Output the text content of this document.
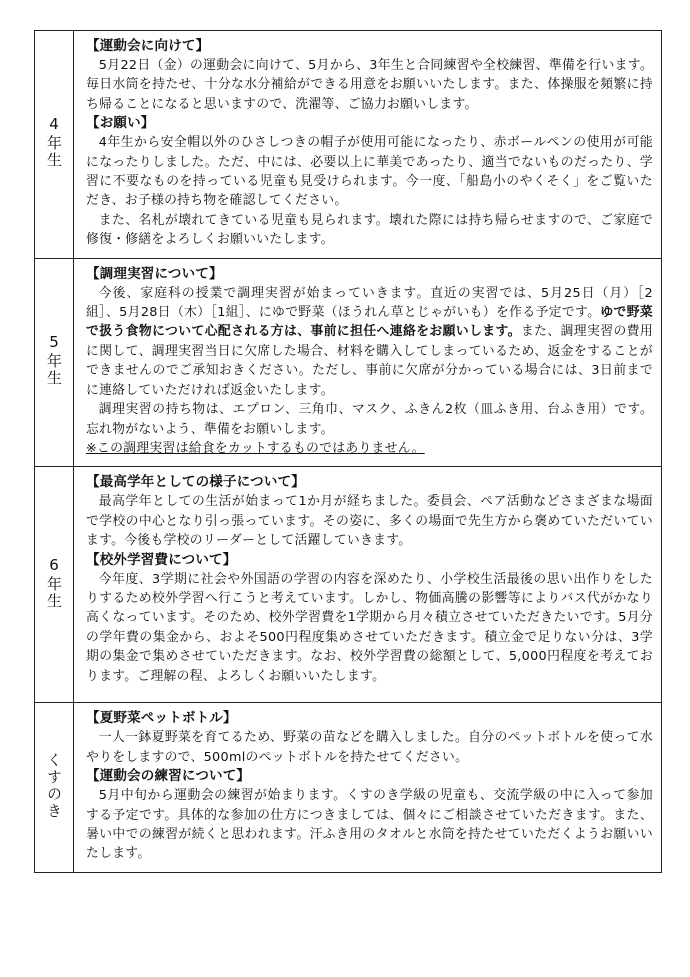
4年生	【運動会に向けて】

5月22日（金）の運動会に向けて、5月から、3年生と合同練習や全校練習、準備を行います。毎日水筒を持たせ、十分な水分補給ができる用意をお願いいたします。また、体操服を頻繁に持ち帰ることになると思いますので、洗濯等、ご協力お願いします。

【お願い】

4年生から安全帽以外のひさしつきの帽子が使用可能になったり、赤ボールペンの使用が可能になったりしました。ただ、中には、必要以上に華美であったり、適当でないものだったり、学習に不要なものを持っている児童も見受けられます。今一度、「船島小のやくそく」をご覧いただき、お子様の持ち物を確認してください。

また、名札が壊れてきている児童も見られます。壊れた際には持ち帰らせますので、ご家庭で修復・修繕をよろしくお願いいたします。

5年生	【調理実習について】

今後、家庭科の授業で調理実習が始まっていきます。直近の実習では、5月25日（月）［2組］、5月28日（木）［1組］、にゆで野菜（ほうれん草とじゃがいも）を作る予定です。ゆで野菜で扱う食物について心配される方は、事前に担任へ連絡をお願いします。また、調理実習の費用に関して、調理実習当日に欠席した場合、材料を購入してしまっているため、返金をすることができませんのでご承知おきください。ただし、事前に欠席が分かっている場合には、3日前までに連絡していただければ返金いたします。

調理実習の持ち物は、エプロン、三角巾、マスク、ふきん2枚（皿ふき用、台ふき用）です。忘れ物がないよう、準備をお願いします。

※この調理実習は給食をカットするものではありません。

6年生	【最高学年としての様子について】

最高学年としての生活が始まって1か月が経ちました。委員会、ペア活動などさまざまな場面で学校の中心となり引っ張っています。その姿に、多くの場面で先生方から褒めていただいています。今後も学校のリーダーとして活躍していきます。

【校外学習費について】

今年度、3学期に社会や外国語の学習の内容を深めたり、小学校生活最後の思い出作りをしたりするため校外学習へ行こうと考えています。しかし、物価高騰の影響等によりバス代がかなり高くなっています。そのため、校外学習費を1学期から月々積立させていただきたいです。5月分の学年費の集金から、およそ500円程度集めさせていただきます。積立金で足りない分は、3学期の集金で集めさせていただきます。なお、校外学習費の総額として、5,000円程度を考えております。ご理解の程、よろしくお願いいたします。

くすのき	【夏野菜ペットボトル】

一人一鉢夏野菜を育てるため、野菜の苗などを購入しました。自分のペットボトルを使って水やりをしますので、500mlのペットボトルを持たせてください。

【運動会の練習について】

5月中旬から運動会の練習が始まります。くすのき学級の児童も、交流学級の中に入って参加する予定です。具体的な参加の仕方につきましては、個々にご相談させていただきます。また、暑い中での練習が続くと思われます。汗ふき用のタオルと水筒を持たせていただくようお願いいたします。
